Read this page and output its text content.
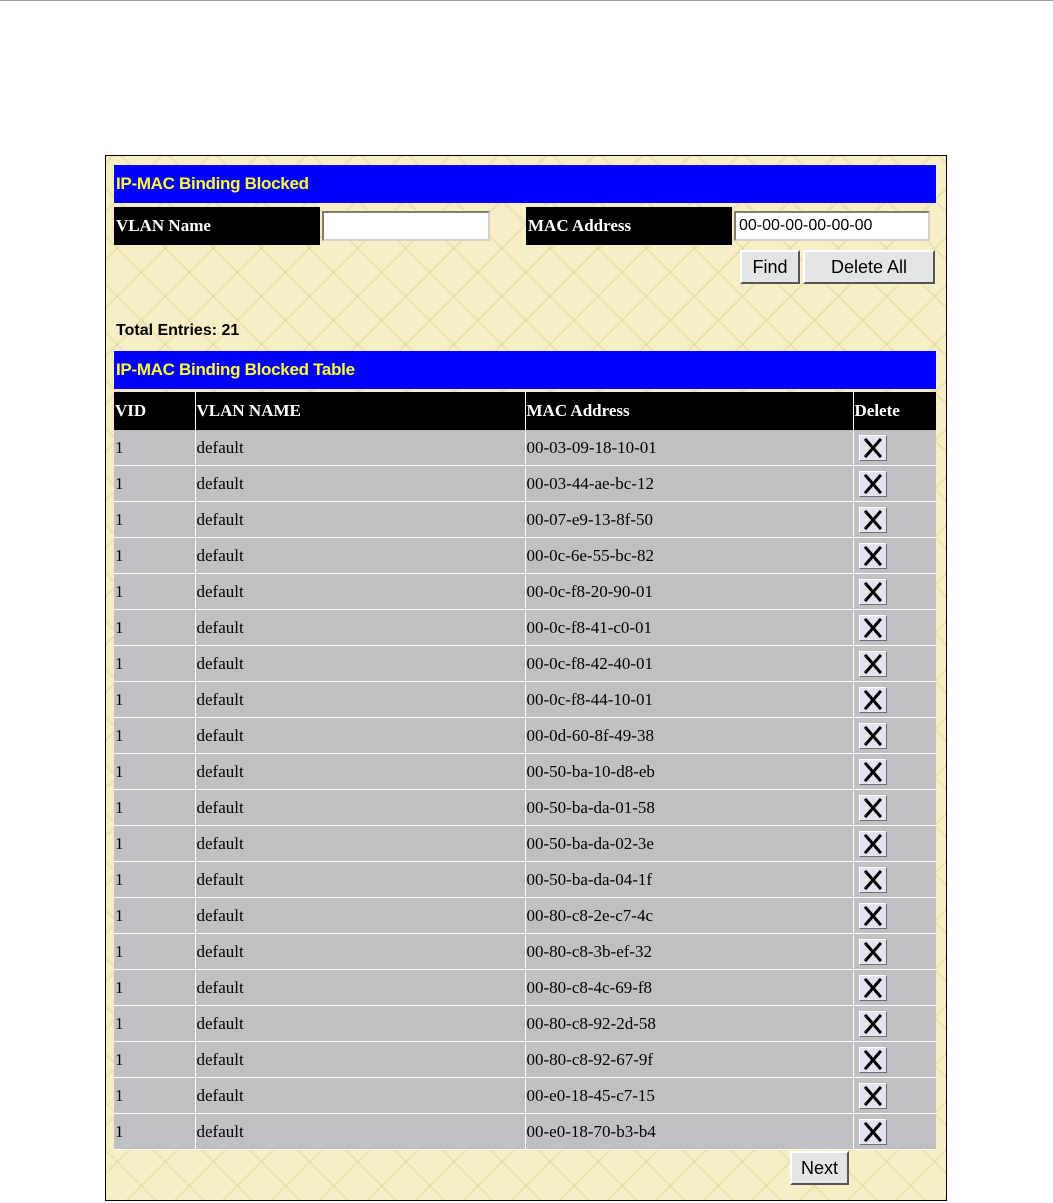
IP-MAC Binding Blocked
VLAN Name	MAC Address
00-00-00-00-00-00
Find	Delete All
Total Entries: 21
IP-MAC Binding Blocked Table
VID	VLAN NAME	MAC Address	Delete
1	default	00-03-09-18-10-01	

1	default	00-03-44-ae-bc-12	

1	default	00-07-e9-13-8f-50	

1	default	00-0c-6e-55-bc-82	

1	default	00-0c-f8-20-90-01	

1	default	00-0c-f8-41-c0-01	

1	default	00-0c-f8-42-40-01	

1	default	00-0c-f8-44-10-01	

1	default	00-0d-60-8f-49-38	

1	default	00-50-ba-10-d8-eb	

1	default	00-50-ba-da-01-58	

1	default	00-50-ba-da-02-3e	

1	default	00-50-ba-da-04-1f	

1	default	00-80-c8-2e-c7-4c	

1	default	00-80-c8-3b-ef-32	

1	default	00-80-c8-4c-69-f8	

1	default	00-80-c8-92-2d-58	

1	default	00-80-c8-92-67-9f	

1	default	00-e0-18-45-c7-15	

1	default	00-e0-18-70-b3-b4	
Next
